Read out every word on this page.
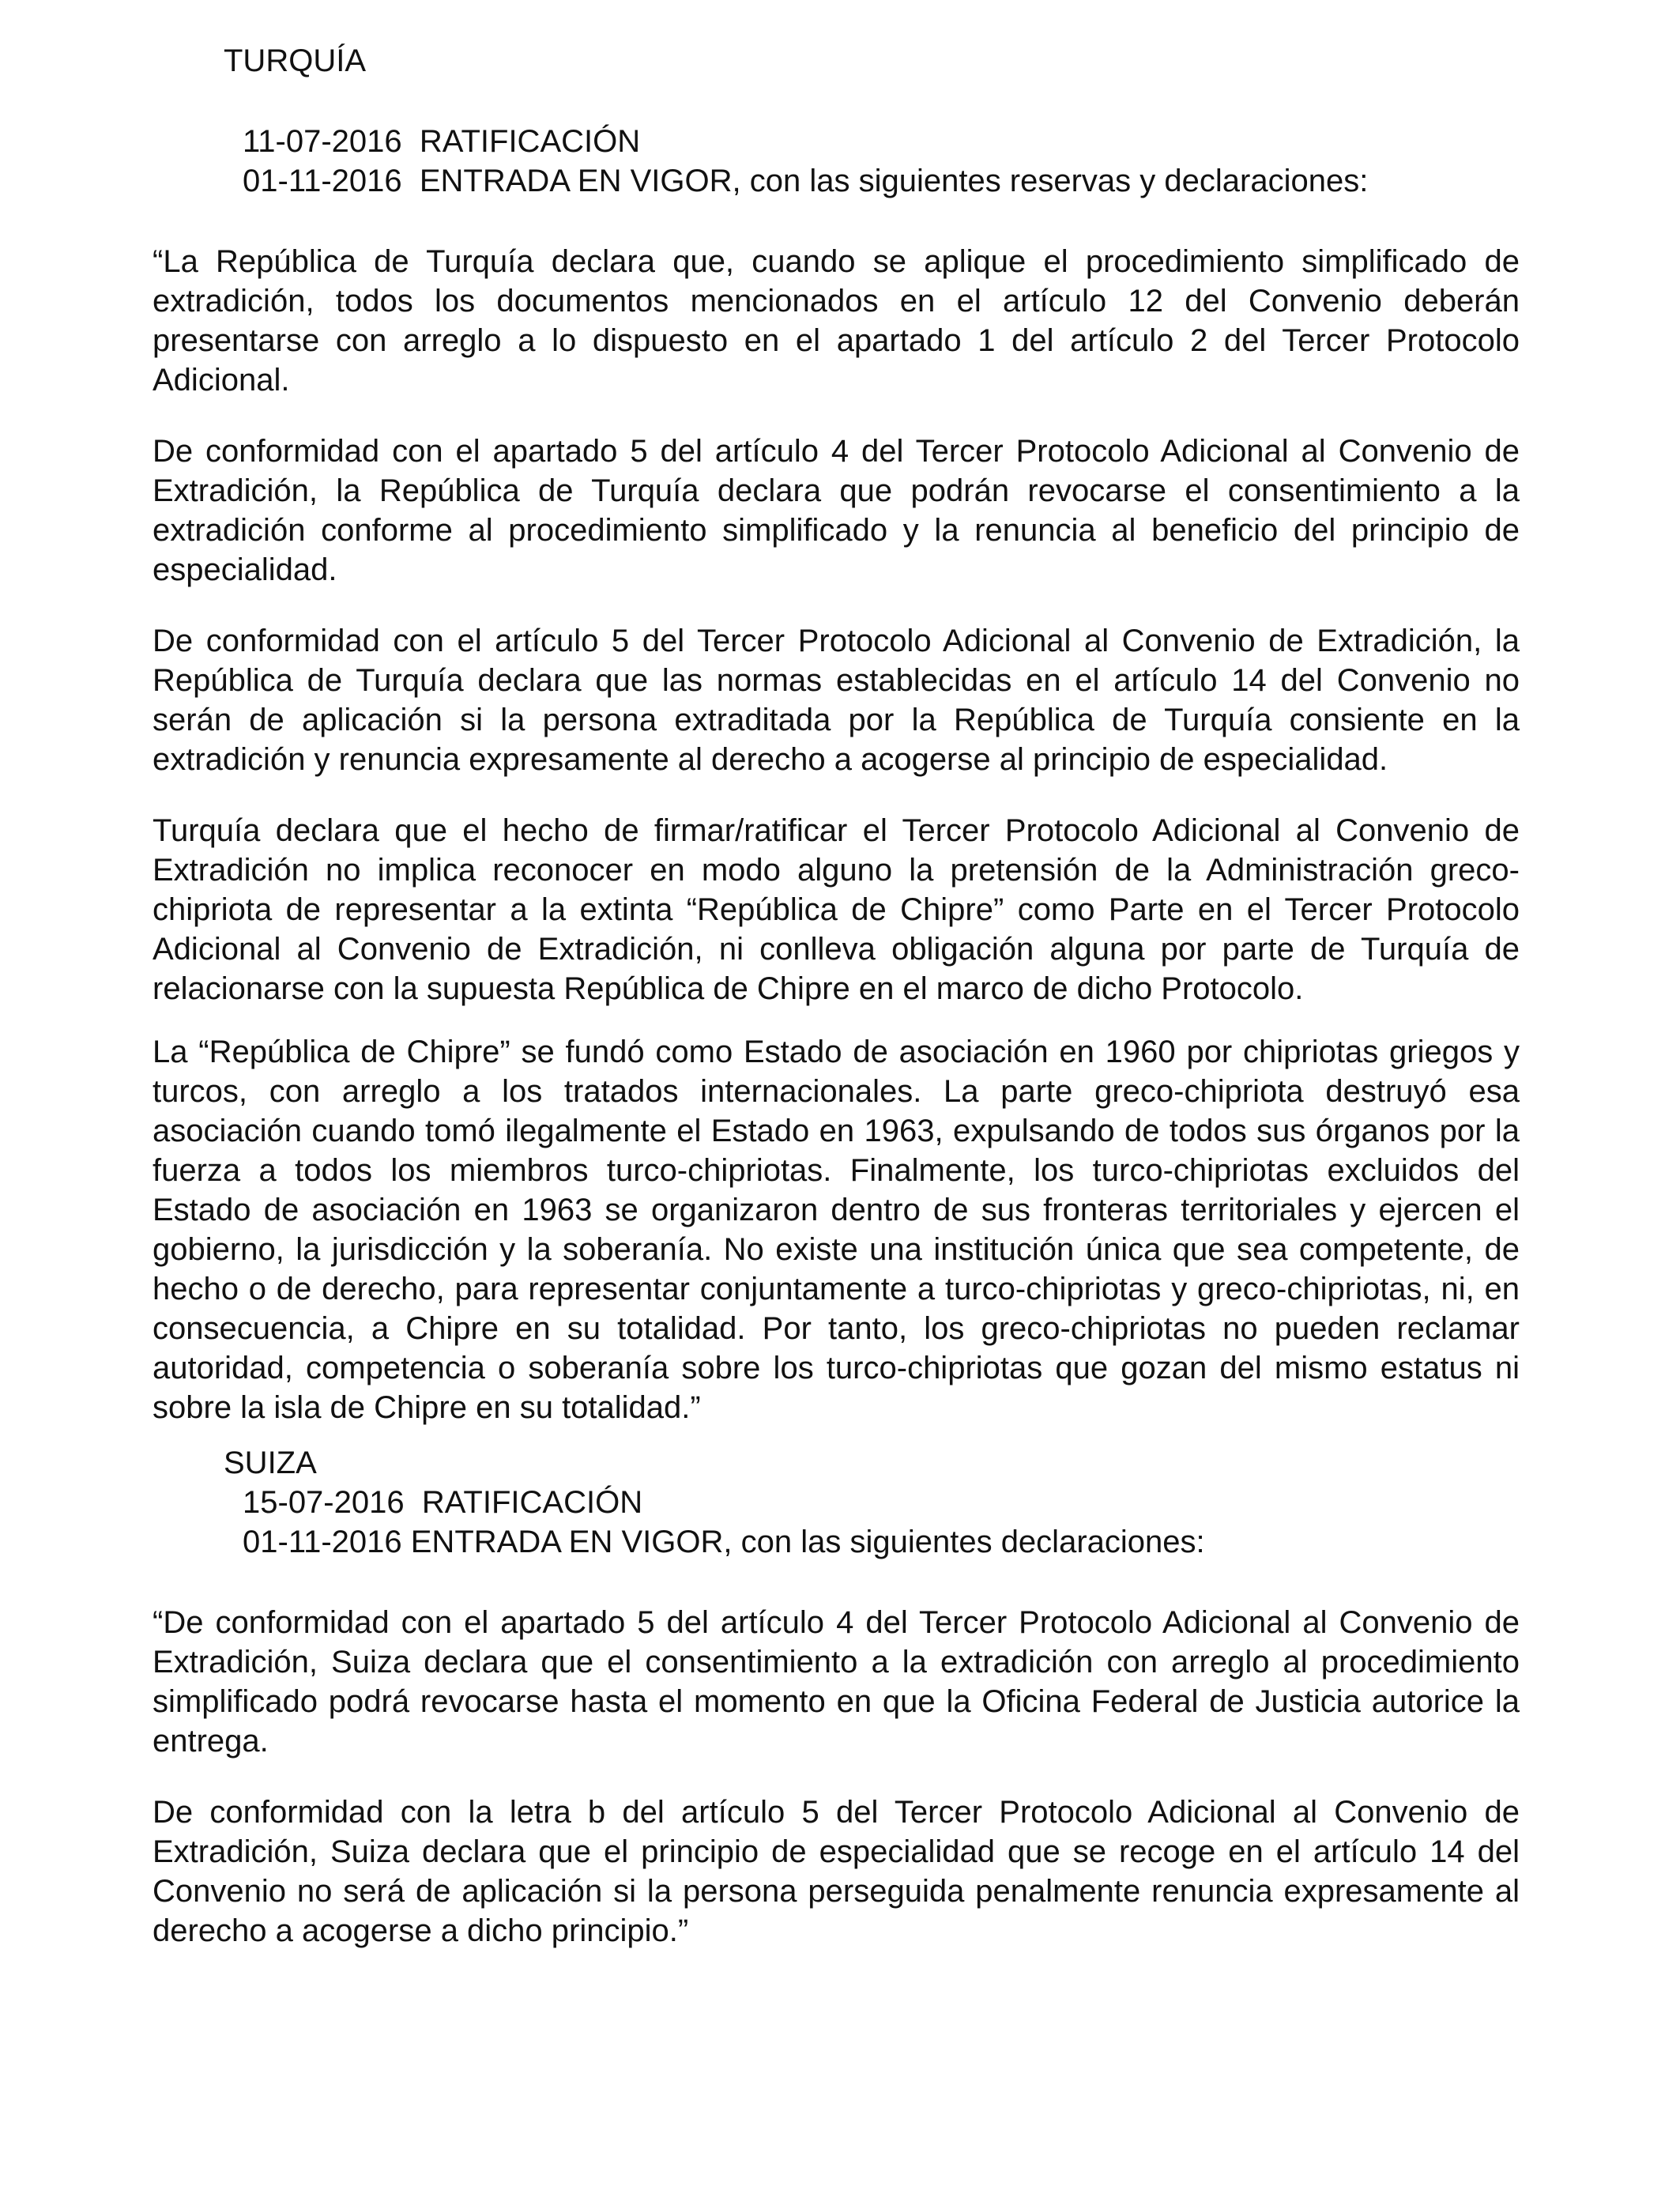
TURQUÍA
11-07-2016  RATIFICACIÓN
01-11-2016  ENTRADA EN VIGOR, con las siguientes reservas y declaraciones:

“La República de Turquía declara que, cuando se aplique el procedimiento simplificado de extradición, todos los documentos mencionados en el artículo 12 del Convenio deberán presentarse con arreglo a lo dispuesto en el apartado 1 del artículo 2 del Tercer Protocolo Adicional.

De conformidad con el apartado 5 del artículo 4 del Tercer Protocolo Adicional al Convenio de Extradición, la República de Turquía declara que podrán revocarse el consentimiento a la extradición conforme al procedimiento simplificado y la renuncia al beneficio del principio de especialidad.

De conformidad con el artículo 5 del Tercer Protocolo Adicional al Convenio de Extradición, la República de Turquía declara que las normas establecidas en el artículo 14 del Convenio no serán de aplicación si la persona extraditada por la República de Turquía consiente en la extradición y renuncia expresamente al derecho a acogerse al principio de especialidad.

Turquía declara que el hecho de firmar/ratificar el Tercer Protocolo Adicional al Convenio de Extradición no implica reconocer en modo alguno la pretensión de la Administración greco-chipriota de representar a la extinta “República de Chipre” como Parte en el Tercer Protocolo Adicional al Convenio de Extradición, ni conlleva obligación alguna por parte de Turquía de relacionarse con la supuesta República de Chipre en el marco de dicho Protocolo.

La “República de Chipre” se fundó como Estado de asociación en 1960 por chipriotas griegos y turcos, con arreglo a los tratados internacionales. La parte greco-chipriota destruyó esa asociación cuando tomó ilegalmente el Estado en 1963, expulsando de todos sus órganos por la fuerza a todos los miembros turco-chipriotas. Finalmente, los turco-chipriotas excluidos del Estado de asociación en 1963 se organizaron dentro de sus fronteras territoriales y ejercen el gobierno, la jurisdicción y la soberanía. No existe una institución única que sea competente, de hecho o de derecho, para representar conjuntamente a turco-chipriotas y greco-chipriotas, ni, en consecuencia, a Chipre en su totalidad. Por tanto, los greco-chipriotas no pueden reclamar autoridad, competencia o soberanía sobre los turco-chipriotas que gozan del mismo estatus ni sobre la isla de Chipre en su totalidad.”

SUIZA
15-07-2016  RATIFICACIÓN
01-11-2016 ENTRADA EN VIGOR, con las siguientes declaraciones:

“De conformidad con el apartado 5 del artículo 4 del Tercer Protocolo Adicional al Convenio de Extradición, Suiza declara que el consentimiento a la extradición con arreglo al procedimiento simplificado podrá revocarse hasta el momento en que la Oficina Federal de Justicia autorice la entrega.

De conformidad con la letra b del artículo 5 del Tercer Protocolo Adicional al Convenio de Extradición, Suiza declara que el principio de especialidad que se recoge en el artículo 14 del Convenio no será de aplicación si la persona perseguida penalmente renuncia expresamente al derecho a acogerse a dicho principio.”
